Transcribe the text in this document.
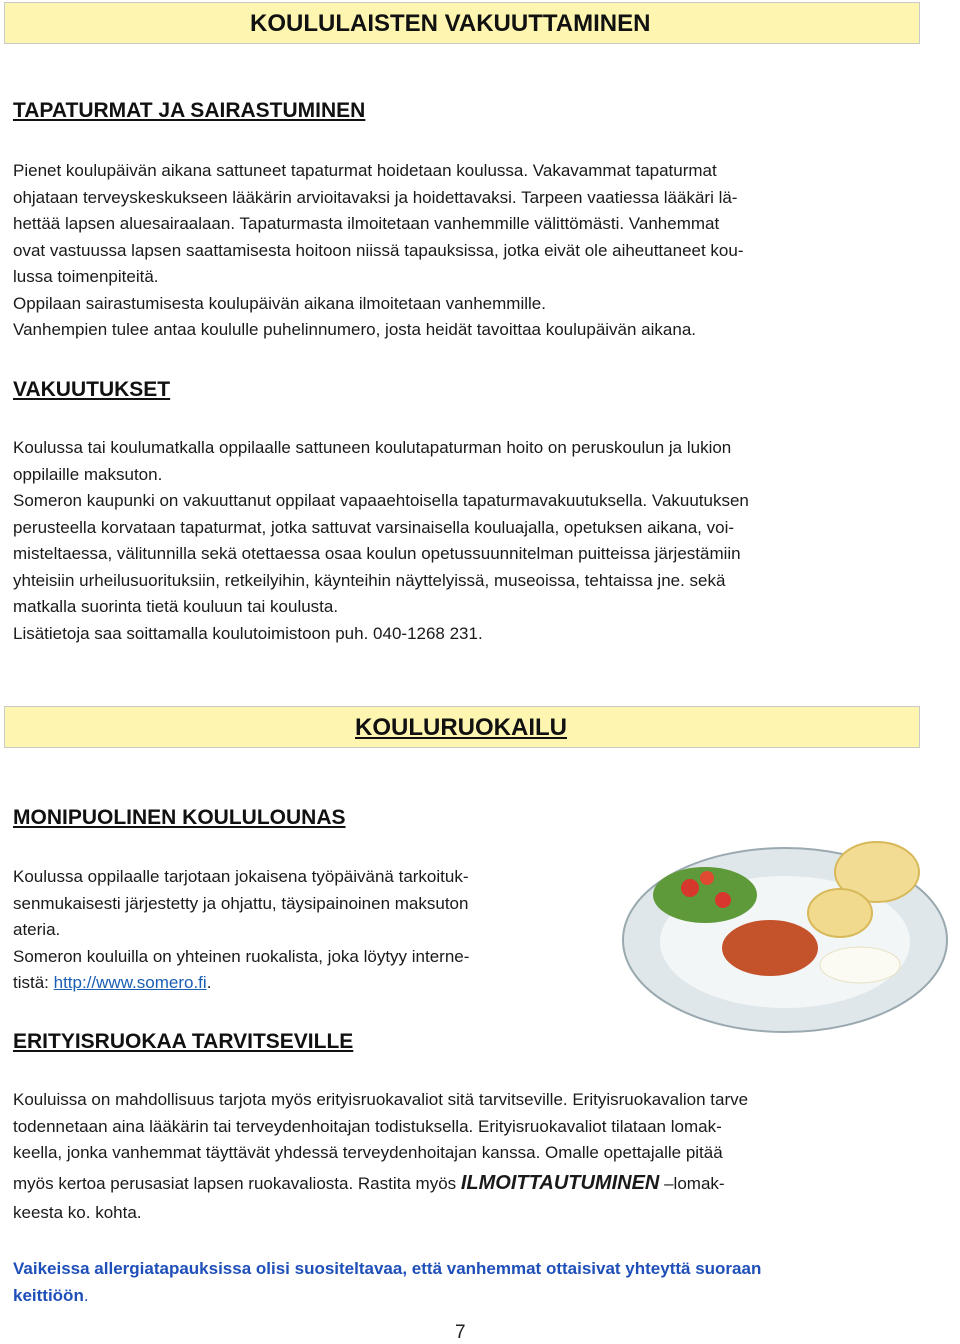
KOULULAISTEN VAKUUTTAMINEN
TAPATURMAT JA SAIRASTUMINEN
Pienet koulupäivän aikana sattuneet tapaturmat hoidetaan koulussa. Vakavammat tapaturmat
ohjataan terveyskeskukseen lääkärin arvioitavaksi ja hoidettavaksi. Tarpeen vaatiessa lääkäri lä-
hettää lapsen aluesairaalaan. Tapaturmasta ilmoitetaan vanhemmille välittömästi. Vanhemmat
ovat vastuussa lapsen saattamisesta hoitoon niissä tapauksissa, jotka eivät ole aiheuttaneet kou-
lussa toimenpiteitä.
Oppilaan sairastumisesta koulupäivän aikana ilmoitetaan vanhemmille.
Vanhempien tulee antaa koululle puhelinnumero, josta heidät tavoittaa koulupäivän aikana.
VAKUUTUKSET
Koulussa tai koulumatkalla oppilaalle sattuneen koulutapaturman hoito on peruskoulun ja lukion
oppilaille maksuton.
Someron kaupunki on vakuuttanut oppilaat vapaaehtoisella tapaturmavakuutuksella. Vakuutuksen
perusteella korvataan tapaturmat, jotka sattuvat varsinaisella kouluajalla, opetuksen aikana, voi-
misteltaessa, välitunnilla sekä otettaessa osaa koulun opetussuunnitelman puitteissa järjestämiin
yhteisiin urheilusuorituksiin, retkeilyihin, käynteihin näyttelyissä, museoissa, tehtaissa jne. sekä
matkalla suorinta tietä kouluun tai koulusta.
Lisätietoja saa soittamalla koulutoimistoon puh. 040-1268 231.
KOULURUOKAILU
MONIPUOLINEN KOULULOUNAS
Koulussa oppilaalle tarjotaan jokaisena työpäivänä tarkoituk-
senmukaisesti järjestetty ja ohjattu, täysipainoinen maksuton
ateria.
Someron kouluilla on yhteinen ruokalista, joka löytyy interne-
tistä: http://www.somero.fi.
ERITYISRUOKAA TARVITSEVILLE
Kouluissa on mahdollisuus tarjota myös erityisruokavaliot sitä tarvitseville. Erityisruokavalion tarve
todennetaan aina lääkärin tai terveydenhoitajan todistuksella. Erityisruokavaliot tilataan lomak-
keella, jonka vanhemmat täyttävät yhdessä terveydenhoitajan kanssa. Omalle opettajalle pitää
myös kertoa perusasiat lapsen ruokavaliosta. Rastita myös ILMOITTAUTUMINEN –lomak-
keesta ko. kohta.
Vaikeissa allergiatapauksissa olisi suositeltavaa, että vanhemmat ottaisivat yhteyttä suoraan
keittiöön.
7
